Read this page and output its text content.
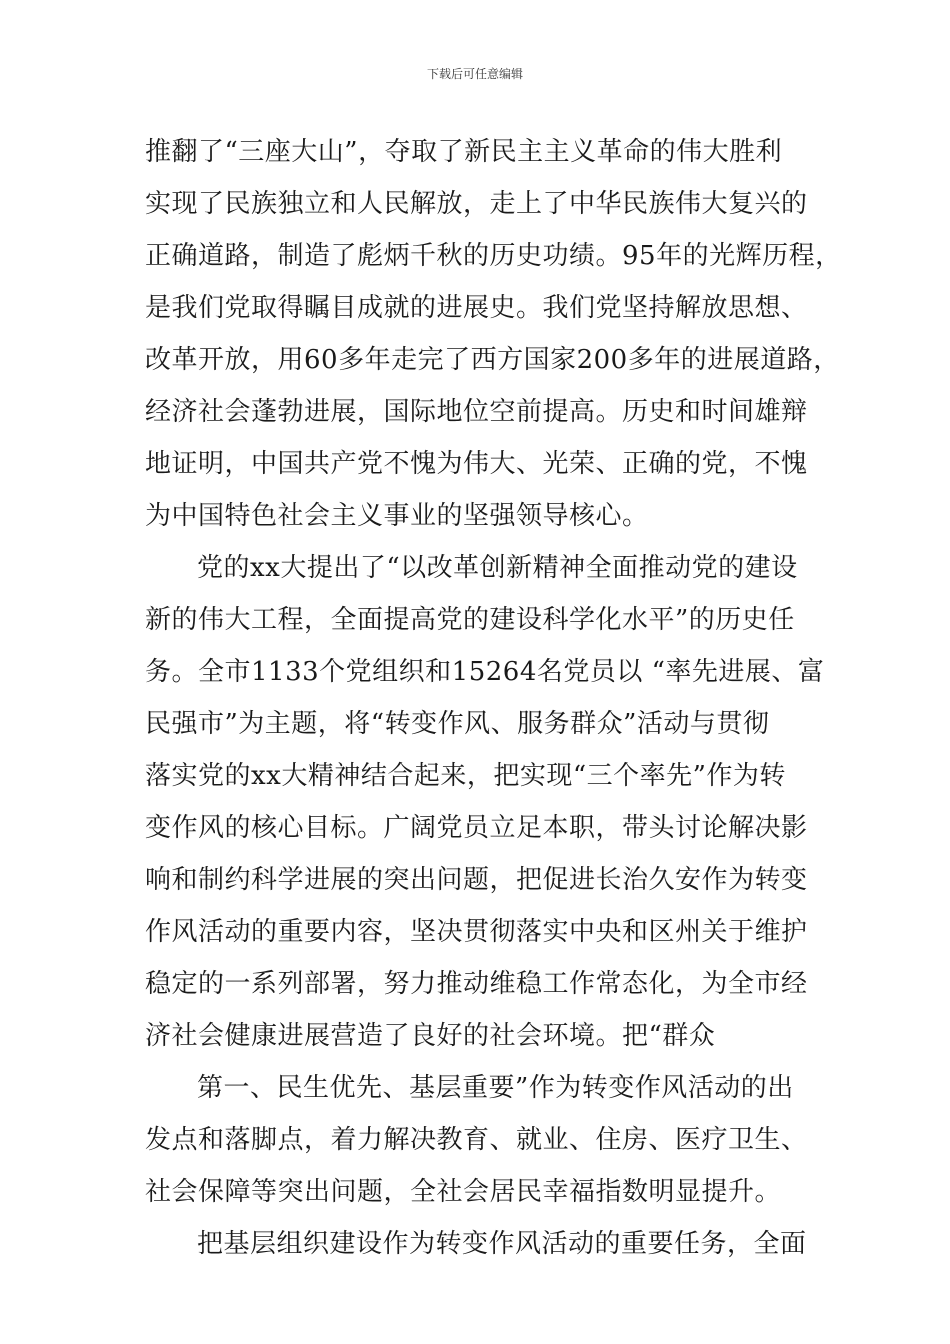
下载后可任意编辑
推翻了“三座大山”，夺取了新民主主义革命的伟大胜利
实现了民族独立和人民解放，走上了中华民族伟大复兴的
正确道路，制造了彪炳千秋的历史功绩。95年的光辉历程，
是我们党取得瞩目成就的进展史。我们党坚持解放思想、
改革开放，用60多年走完了西方国家200多年的进展道路，
经济社会蓬勃进展，国际地位空前提高。历史和时间雄辩
地证明，中国共产党不愧为伟大、光荣、正确的党，不愧
为中国特色社会主义事业的坚强领导核心。
党的xx大提出了“以改革创新精神全面推动党的建设
新的伟大工程，全面提高党的建设科学化水平”的历史任
务。全市1133个党组织和15264名党员以 “率先进展、富
民强市”为主题，将“转变作风、服务群众”活动与贯彻
落实党的xx大精神结合起来，把实现“三个率先”作为转
变作风的核心目标。广阔党员立足本职，带头讨论解决影
响和制约科学进展的突出问题，把促进长治久安作为转变
作风活动的重要内容，坚决贯彻落实中央和区州关于维护
稳定的一系列部署，努力推动维稳工作常态化，为全市经
济社会健康进展营造了良好的社会环境。把“群众
第一、民生优先、基层重要”作为转变作风活动的出
发点和落脚点，着力解决教育、就业、住房、医疗卫生、
社会保障等突出问题，全社会居民幸福指数明显提升。
把基层组织建设作为转变作风活动的重要任务，全面
